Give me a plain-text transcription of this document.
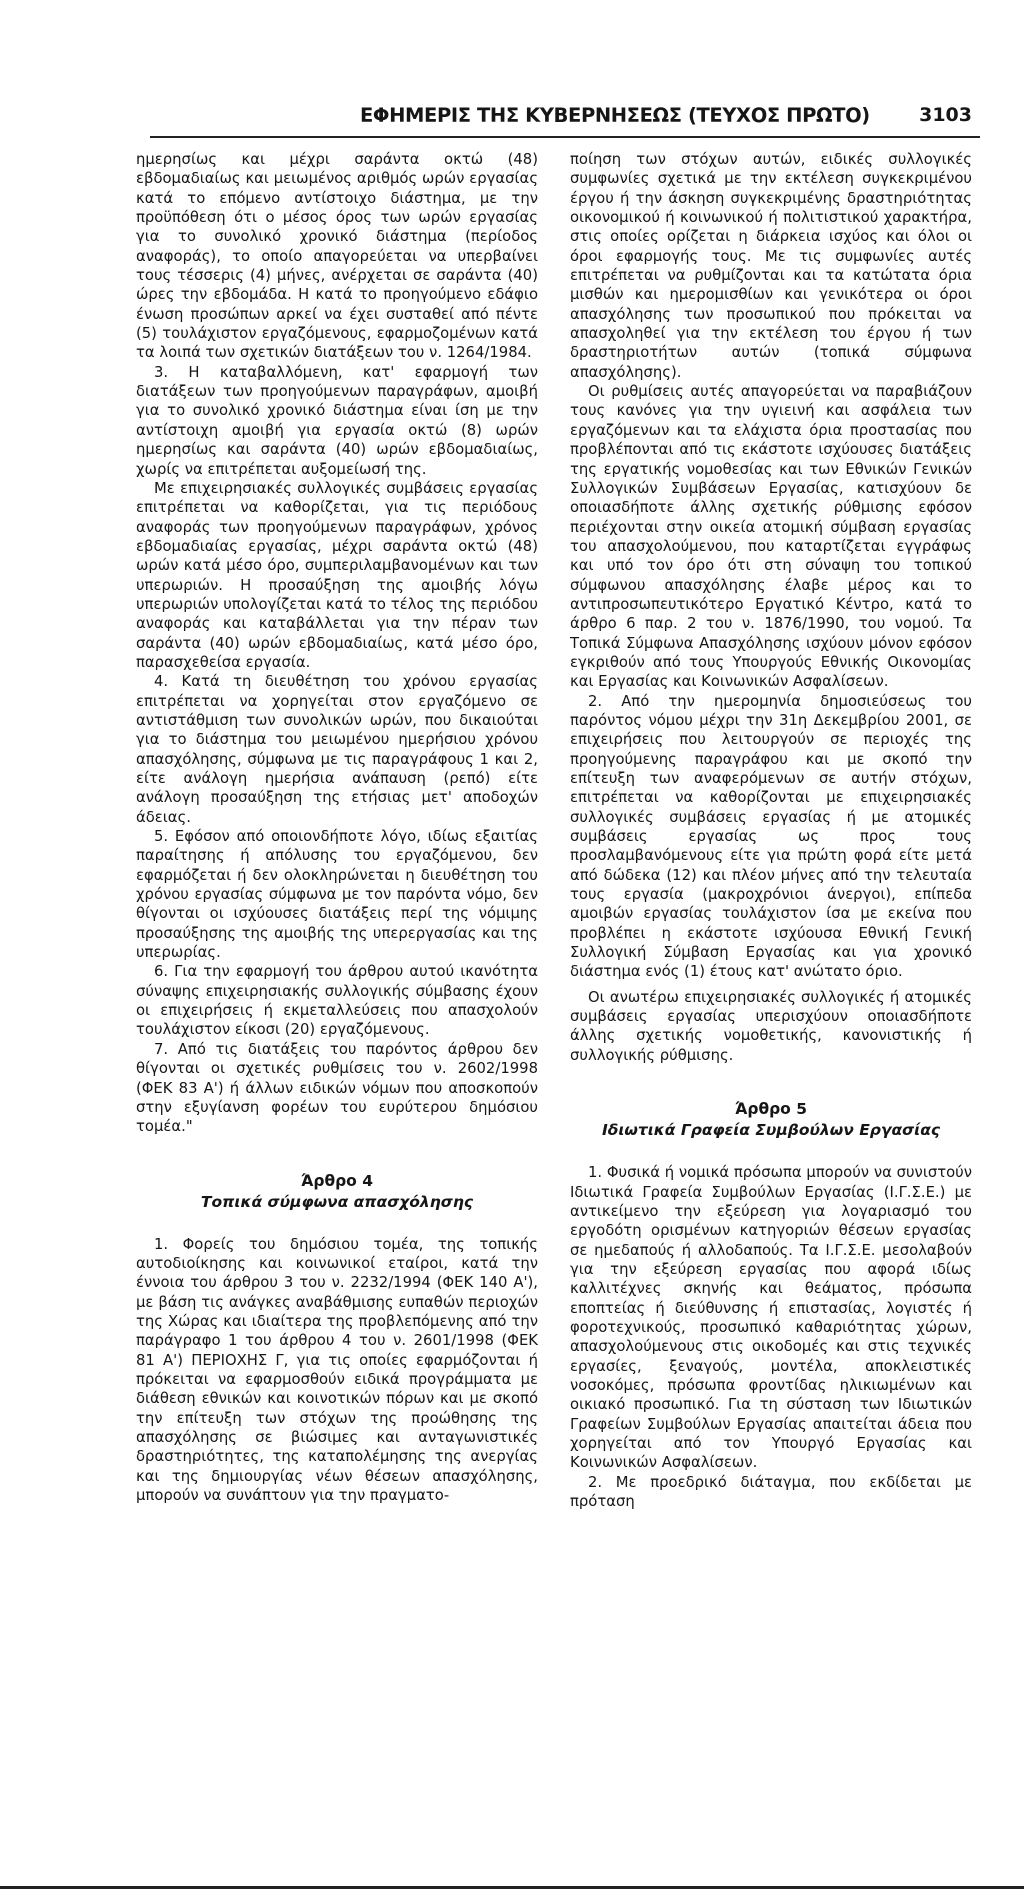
ΕΦΗΜΕΡΙΣ ΤΗΣ ΚΥΒΕΡΝΗΣΕΩΣ (ΤΕΥΧΟΣ ΠΡΩΤΟ)	3103

ημερησίως και μέχρι σαράντα οκτώ (48) εβδομαδιαίως και μειωμένος αριθμός ωρών εργασίας κατά το επόμενο αντίστοιχο διάστημα, με την προϋπόθεση ότι ο μέσος όρος των ωρών εργασίας για το συνολικό χρονικό διάστημα (περίοδος αναφοράς), το οποίο απαγορεύεται να υπερβαίνει τους τέσσερις (4) μήνες, ανέρχεται σε σαράντα (40) ώρες την εβδομάδα. Η κατά το προηγούμενο εδάφιο ένωση προσώπων αρκεί να έχει συσταθεί από πέντε (5) τουλάχιστον εργαζόμενους, εφαρμοζομένων κατά τα λοιπά των σχετικών διατάξεων του ν. 1264/1984.

3. Η καταβαλλόμενη, κατ' εφαρμογή των διατάξεων των προηγούμενων παραγράφων, αμοιβή για το συνολικό χρονικό διάστημα είναι ίση με την αντίστοιχη αμοιβή για εργασία οκτώ (8) ωρών ημερησίως και σαράντα (40) ωρών εβδομαδιαίως, χωρίς να επιτρέπεται αυξομείωσή της.

Με επιχειρησιακές συλλογικές συμβάσεις εργασίας επιτρέπεται να καθορίζεται, για τις περιόδους αναφοράς των προηγούμενων παραγράφων, χρόνος εβδομαδιαίας εργασίας, μέχρι σαράντα οκτώ (48) ωρών κατά μέσο όρο, συμπεριλαμβανομένων και των υπερωριών. Η προσαύξηση της αμοιβής λόγω υπερωριών υπολογίζεται κατά το τέλος της περιόδου αναφοράς και καταβάλλεται για την πέραν των σαράντα (40) ωρών εβδομαδιαίως, κατά μέσο όρο, παρασχεθείσα εργασία.

4. Κατά τη διευθέτηση του χρόνου εργασίας επιτρέπεται να χορηγείται στον εργαζόμενο σε αντιστάθμιση των συνολικών ωρών, που δικαιούται για το διάστημα του μειωμένου ημερήσιου χρόνου απασχόλησης, σύμφωνα με τις παραγράφους 1 και 2, είτε ανάλογη ημερήσια ανάπαυση (ρεπό) είτε ανάλογη προσαύξηση της ετήσιας μετ' αποδοχών άδειας.

5. Εφόσον από οποιονδήποτε λόγο, ιδίως εξαιτίας παραίτησης ή απόλυσης του εργαζόμενου, δεν εφαρμόζεται ή δεν ολοκληρώνεται η διευθέτηση του χρόνου εργασίας σύμφωνα με τον παρόντα νόμο, δεν θίγονται οι ισχύουσες διατάξεις περί της νόμιμης προσαύξησης της αμοιβής της υπερεργασίας και της υπερωρίας.

6. Για την εφαρμογή του άρθρου αυτού ικανότητα σύναψης επιχειρησιακής συλλογικής σύμβασης έχουν οι επιχειρήσεις ή εκμεταλλεύσεις που απασχολούν τουλάχιστον είκοσι (20) εργαζόμενους.

7. Από τις διατάξεις του παρόντος άρθρου δεν θίγονται οι σχετικές ρυθμίσεις του ν. 2602/1998 (ΦΕΚ 83 Α') ή άλλων ειδικών νόμων που αποσκοπούν στην εξυγίανση φορέων του ευρύτερου δημόσιου τομέα."

Άρθρο 4
Τοπικά σύμφωνα απασχόλησης

1. Φορείς του δημόσιου τομέα, της τοπικής αυτοδιοίκησης και κοινωνικοί εταίροι, κατά την έννοια του άρθρου 3 του ν. 2232/1994 (ΦΕΚ 140 Α'), με βάση τις ανάγκες αναβάθμισης ευπαθών περιοχών της Χώρας και ιδιαίτερα της προβλεπόμενης από την παράγραφο 1 του άρθρου 4 του ν. 2601/1998 (ΦΕΚ 81 Α') ΠΕΡΙΟΧΗΣ Γ, για τις οποίες εφαρμόζονται ή πρόκειται να εφαρμοσθούν ειδικά προγράμματα με διάθεση εθνικών και κοινοτικών πόρων και με σκοπό την επίτευξη των στόχων της προώθησης της απασχόλησης σε βιώσιμες και ανταγωνιστικές δραστηριότητες, της καταπολέμησης της ανεργίας και της δημιουργίας νέων θέσεων απασχόλησης, μπορούν να συνάπτουν για την πραγματο-

ποίηση των στόχων αυτών, ειδικές συλλογικές συμφωνίες σχετικά με την εκτέλεση συγκεκριμένου έργου ή την άσκηση συγκεκριμένης δραστηριότητας οικονομικού ή κοινωνικού ή πολιτιστικού χαρακτήρα, στις οποίες ορίζεται η διάρκεια ισχύος και όλοι οι όροι εφαρμογής τους. Με τις συμφωνίες αυτές επιτρέπεται να ρυθμίζονται και τα κατώτατα όρια μισθών και ημερομισθίων και γενικότερα οι όροι απασχόλησης των προσωπικού που πρόκειται να απασχοληθεί για την εκτέλεση του έργου ή των δραστηριοτήτων αυτών (τοπικά σύμφωνα απασχόλησης).

Οι ρυθμίσεις αυτές απαγορεύεται να παραβιάζουν τους κανόνες για την υγιεινή και ασφάλεια των εργαζόμενων και τα ελάχιστα όρια προστασίας που προβλέπονται από τις εκάστοτε ισχύουσες διατάξεις της εργατικής νομοθεσίας και των Εθνικών Γενικών Συλλογικών Συμβάσεων Εργασίας, κατισχύουν δε οποιασδήποτε άλλης σχετικής ρύθμισης εφόσον περιέχονται στην οικεία ατομική σύμβαση εργασίας του απασχολούμενου, που καταρτίζεται εγγράφως και υπό τον όρο ότι στη σύναψη του τοπικού σύμφωνου απασχόλησης έλαβε μέρος και το αντιπροσωπευτικότερο Εργατικό Κέντρο, κατά το άρθρο 6 παρ. 2 του ν. 1876/1990, του νομού. Τα Τοπικά Σύμφωνα Απασχόλησης ισχύουν μόνον εφόσον εγκριθούν από τους Υπουργούς Εθνικής Οικονομίας και Εργασίας και Κοινωνικών Ασφαλίσεων.

2. Από την ημερομηνία δημοσιεύσεως του παρόντος νόμου μέχρι την 31η Δεκεμβρίου 2001, σε επιχειρήσεις που λειτουργούν σε περιοχές της προηγούμενης παραγράφου και με σκοπό την επίτευξη των αναφερόμενων σε αυτήν στόχων, επιτρέπεται να καθορίζονται με επιχειρησιακές συλλογικές συμβάσεις εργασίας ή με ατομικές συμβάσεις εργασίας ως προς τους προσλαμβανόμενους είτε για πρώτη φορά είτε μετά από δώδεκα (12) και πλέον μήνες από την τελευταία τους εργασία (μακροχρόνιοι άνεργοι), επίπεδα αμοιβών εργασίας τουλάχιστον ίσα με εκείνα που προβλέπει η εκάστοτε ισχύουσα Εθνική Γενική Συλλογική Σύμβαση Εργασίας και για χρονικό διάστημα ενός (1) έτους κατ' ανώτατο όριο.

Οι ανωτέρω επιχειρησιακές συλλογικές ή ατομικές συμβάσεις εργασίας υπερισχύουν οποιασδήποτε άλλης σχετικής νομοθετικής, κανονιστικής ή συλλογικής ρύθμισης.

Άρθρο 5
Ιδιωτικά Γραφεία Συμβούλων Εργασίας

1. Φυσικά ή νομικά πρόσωπα μπορούν να συνιστούν Ιδιωτικά Γραφεία Συμβούλων Εργασίας (Ι.Γ.Σ.Ε.) με αντικείμενο την εξεύρεση για λογαριασμό του εργοδότη ορισμένων κατηγοριών θέσεων εργασίας σε ημεδαπούς ή αλλοδαπούς. Τα Ι.Γ.Σ.Ε. μεσολαβούν για την εξεύρεση εργασίας που αφορά ιδίως καλλιτέχνες σκηνής και θεάματος, πρόσωπα εποπτείας ή διεύθυνσης ή επιστασίας, λογιστές ή φοροτεχνικούς, προσωπικό καθαριότητας χώρων, απασχολούμενους στις οικοδομές και στις τεχνικές εργασίες, ξεναγούς, μοντέλα, αποκλειστικές νοσοκόμες, πρόσωπα φροντίδας ηλικιωμένων και οικιακό προσωπικό. Για τη σύσταση των Ιδιωτικών Γραφείων Συμβούλων Εργασίας απαιτείται άδεια που χορηγείται από τον Υπουργό Εργασίας και Κοινωνικών Ασφαλίσεων.

2. Με προεδρικό διάταγμα, που εκδίδεται με πρόταση
